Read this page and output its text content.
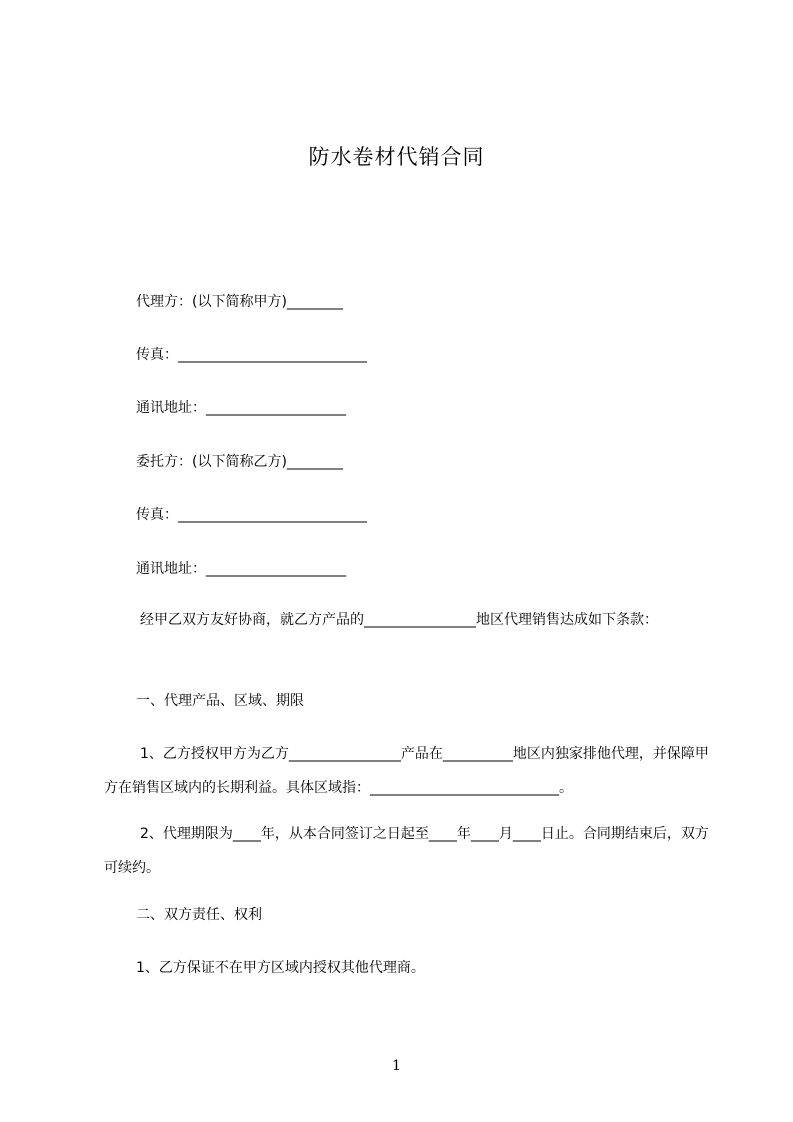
防水卷材代销合同
代理方：(以下简称甲方)________
传真：___________________________
通讯地址：____________________
委托方：(以下简称乙方)________
传真：___________________________
通讯地址：____________________
经甲乙双方友好协商，就乙方产品的________________地区代理销售达成如下条款：
一、代理产品、区域、期限
1、乙方授权甲方为乙方________________产品在__________地区内独家排他代理，并保障甲方在销售区域内的长期利益。具体区域指：___________________________。
2、代理期限为____年，从本合同签订之日起至____年____月____日止。合同期结束后，双方可续约。
二、双方责任、权利
1、乙方保证不在甲方区域内授权其他代理商。
1
